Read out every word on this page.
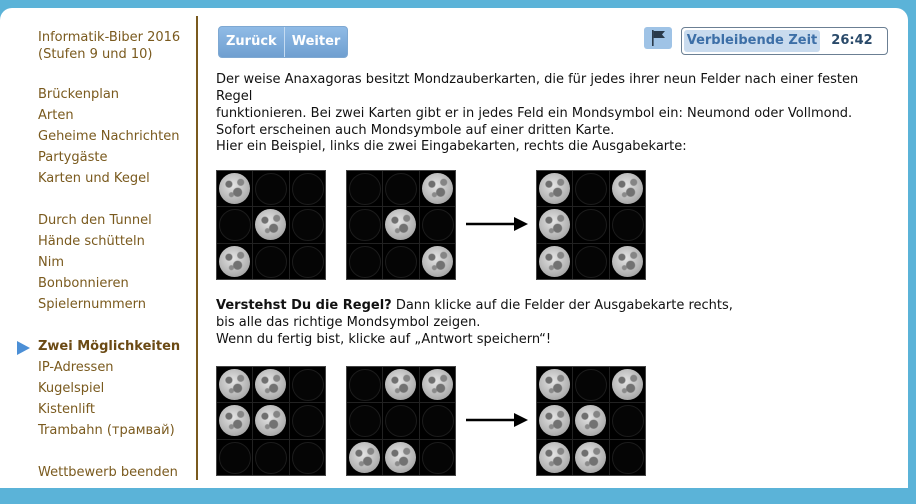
Informatik-Biber 2016
(Stufen 9 und 10)
Brückenplan
Arten
Geheime Nachrichten
Partygäste
Karten und Kegel
Durch den Tunnel
Hände schütteln
Nim
Bonbonnieren
Spielernummern
Zwei Möglichkeiten
IP-Adressen
Kugelspiel
Kistenlift
Trambahn (трамвай)
Wettbewerb beenden
Zurück	Weiter	Verbleibende Zeit	26:42

Der weise Anaxagoras besitzt Mondzauberkarten, die für jedes ihrer neun Felder nach einer festen Regel

funktionieren. Bei zwei Karten gibt er in jedes Feld ein Mondsymbol ein: Neumond oder Vollmond.

Sofort erscheinen auch Mondsymbole auf einer dritten Karte.

Hier ein Beispiel, links die zwei Eingabekarten, rechts die Ausgabekarte:
Verstehst Du die Regel? Dann klicke auf die Felder der Ausgabekarte rechts,
bis alle das richtige Mondsymbol zeigen.
Wenn du fertig bist, klicke auf „Antwort speichern“!
